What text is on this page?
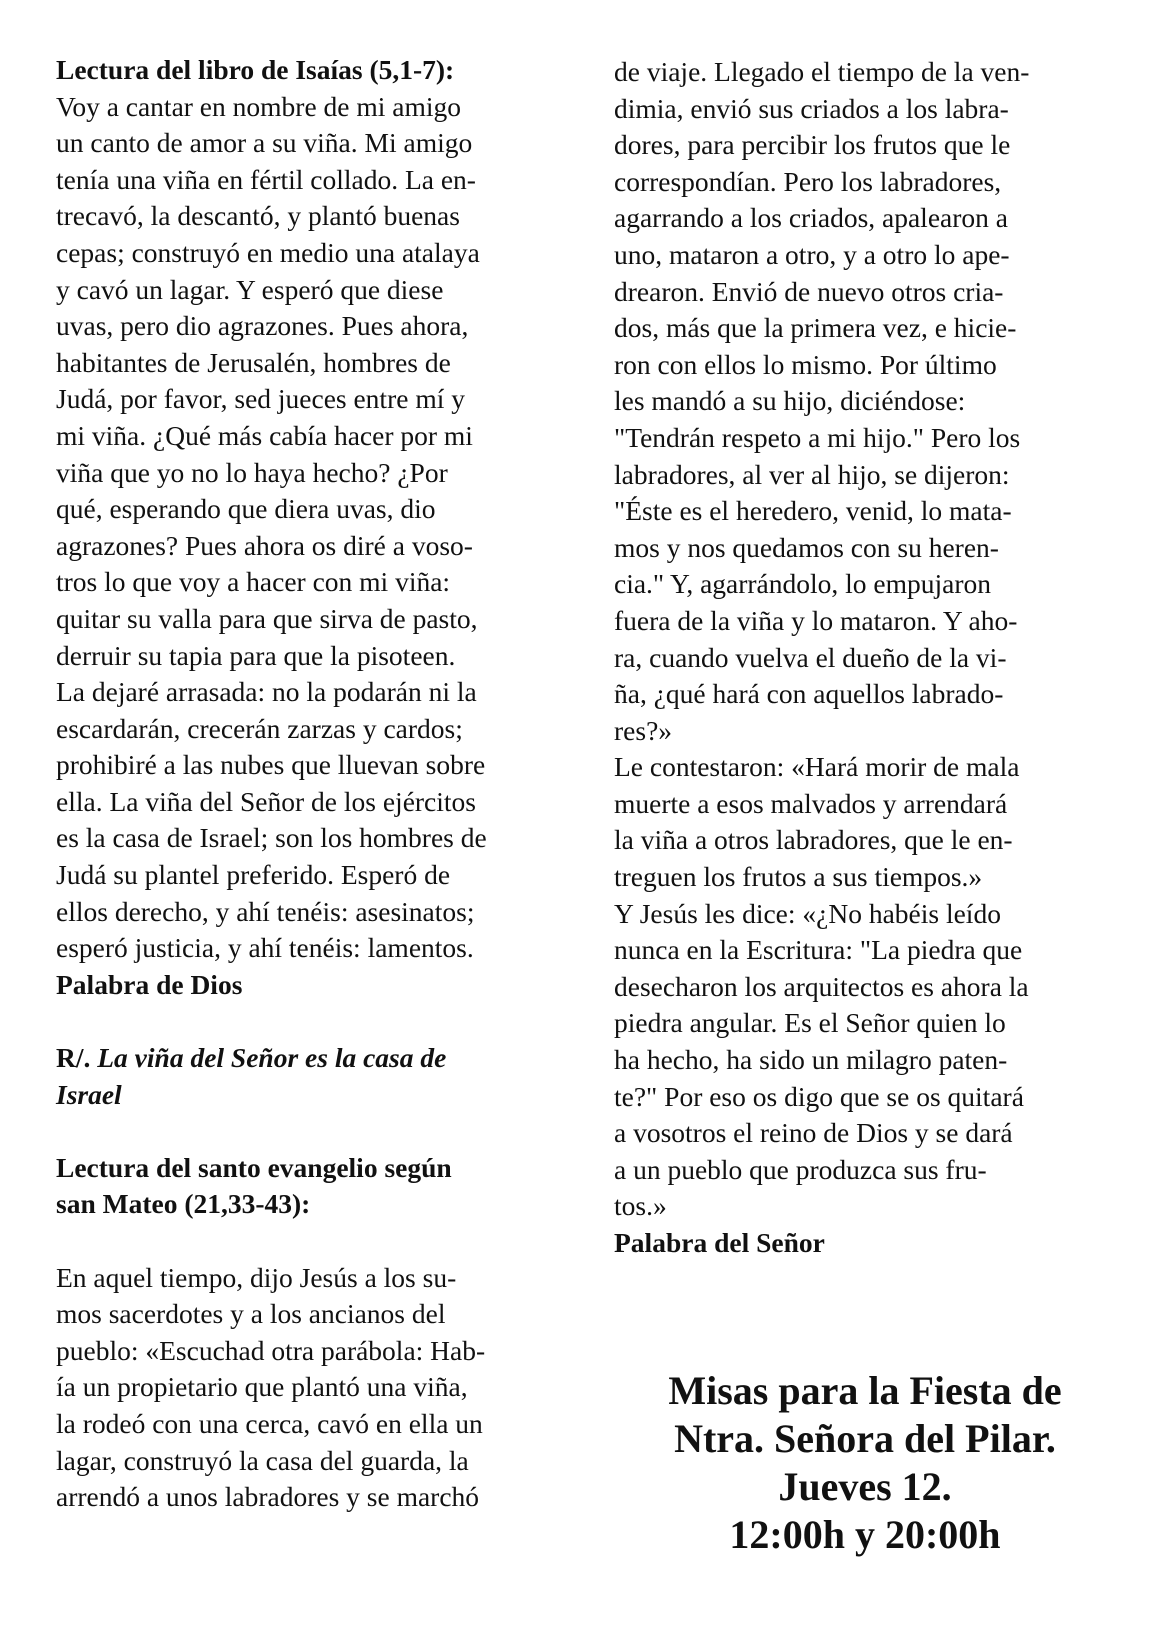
Lectura del libro de Isaías (5,1-7):
Voy a cantar en nombre de mi amigo
un canto de amor a su viña. Mi amigo
tenía una viña en fértil collado. La en-
trecavó, la descantó, y plantó buenas
cepas; construyó en medio una atalaya
y cavó un lagar. Y esperó que diese
uvas, pero dio agrazones. Pues ahora,
habitantes de Jerusalén, hombres de
Judá, por favor, sed jueces entre mí y
mi viña. ¿Qué más cabía hacer por mi
viña que yo no lo haya hecho? ¿Por
qué, esperando que diera uvas, dio
agrazones? Pues ahora os diré a voso-
tros lo que voy a hacer con mi viña:
quitar su valla para que sirva de pasto,
derruir su tapia para que la pisoteen.
La dejaré arrasada: no la podarán ni la
escardarán, crecerán zarzas y cardos;
prohibiré a las nubes que lluevan sobre
ella. La viña del Señor de los ejércitos
es la casa de Israel; son los hombres de
Judá su plantel preferido. Esperó de
ellos derecho, y ahí tenéis: asesinatos;
esperó justicia, y ahí tenéis: lamentos.
Palabra de Dios
R/. La viña del Señor es la casa de
Israel
Lectura del santo evangelio según
san Mateo (21,33-43):
En aquel tiempo, dijo Jesús a los su-
mos sacerdotes y a los ancianos del
pueblo: «Escuchad otra parábola: Hab-
ía un propietario que plantó una viña,
la rodeó con una cerca, cavó en ella un
lagar, construyó la casa del guarda, la
arrendó a unos labradores y se marchó
de viaje. Llegado el tiempo de la ven-
dimia, envió sus criados a los labra-
dores, para percibir los frutos que le
correspondían. Pero los labradores,
agarrando a los criados, apalearon a
uno, mataron a otro, y a otro lo ape-
drearon. Envió de nuevo otros cria-
dos, más que la primera vez, e hicie-
ron con ellos lo mismo. Por último
les mandó a su hijo, diciéndose:
"Tendrán respeto a mi hijo." Pero los
labradores, al ver al hijo, se dijeron:
"Éste es el heredero, venid, lo mata-
mos y nos quedamos con su heren-
cia." Y, agarrándolo, lo empujaron
fuera de la viña y lo mataron. Y aho-
ra, cuando vuelva el dueño de la vi-
ña, ¿qué hará con aquellos labrado-
res?»
Le contestaron: «Hará morir de mala
muerte a esos malvados y arrendará
la viña a otros labradores, que le en-
treguen los frutos a sus tiempos.»
Y Jesús les dice: «¿No habéis leído
nunca en la Escritura: "La piedra que
desecharon los arquitectos es ahora la
piedra angular. Es el Señor quien lo
ha hecho, ha sido un milagro paten-
te?" Por eso os digo que se os quitará
a vosotros el reino de Dios y se dará
a un pueblo que produzca sus fru-
tos.»
Palabra del Señor
Misas para la Fiesta de
Ntra. Señora del Pilar.
Jueves 12.
12:00h y 20:00h
